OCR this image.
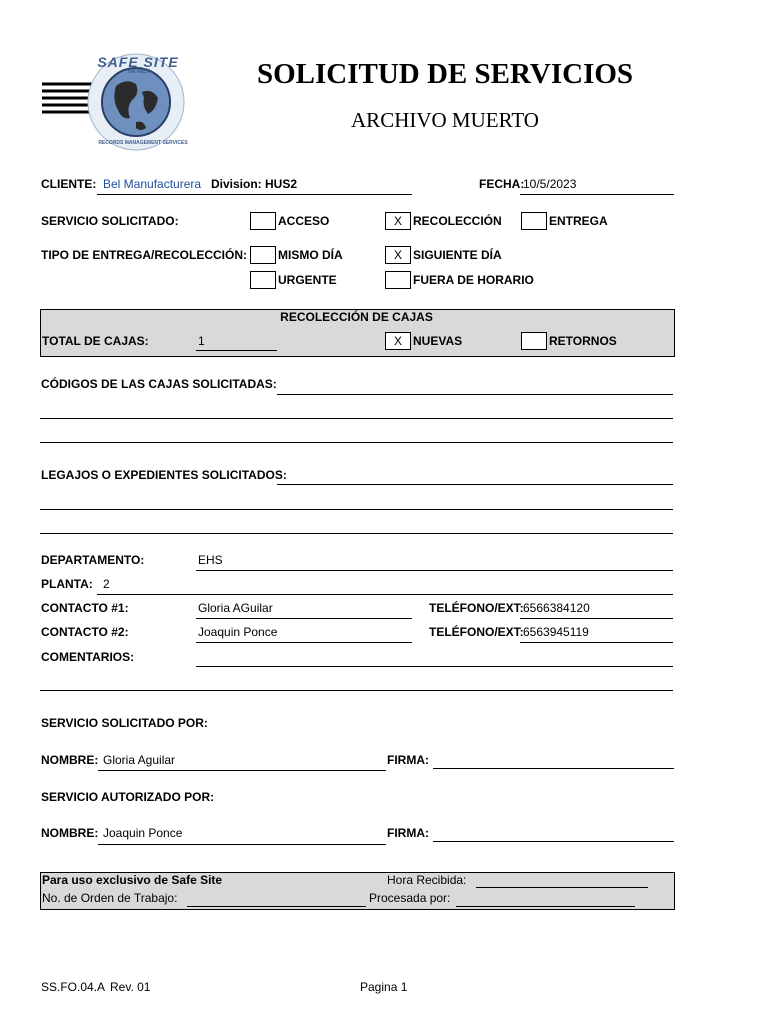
SAFE SITE
de MEX
RECORDS MANAGEMENT SERVICES
SOLICITUD DE SERVICIOS
ARCHIVO MUERTO
CLIENTE: Bel Manufacturera Division: HUS2	FECHA:
10/5/2023
SERVICIO SOLICITADO:	ACCESO	X RECOLECCIÓN	ENTREGA
TIPO DE ENTREGA/RECOLECCIÓN:	MISMO DÍA	X SIGUIENTE DÍA
URGENTE	FUERA DE HORARIO
RECOLECCIÓN DE CAJAS
TOTAL DE CAJAS:	1	X NUEVAS	RETORNOS
CÓDIGOS DE LAS CAJAS SOLICITADAS:
LEGAJOS O EXPEDIENTES SOLICITADOS:
DEPARTAMENTO:	EHS
PLANTA: 2
CONTACTO #1:	Gloria AGuilar	TELÉFONO/EXT: 6566384120
CONTACTO #2:	Joaquin Ponce	TELÉFONO/EXT: 6563945119
COMENTARIOS:
SERVICIO SOLICITADO POR:
NOMBRE: Gloria Aguilar	FIRMA:
SERVICIO AUTORIZADO POR:
NOMBRE: Joaquin Ponce	FIRMA:
Para uso exclusivo de Safe Site	Hora Recibida:
No. de Orden de Trabajo:	Procesada por:
SS.FO.04.A Rev. 01	Pagina 1
